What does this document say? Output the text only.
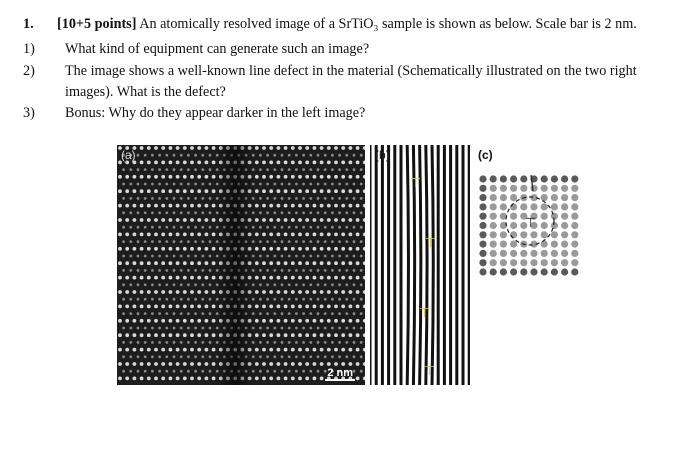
1. [10+5 points] An atomically resolved image of a SrTiO₃ sample is shown as below. Scale bar is 2 nm.
1) What kind of equipment can generate such an image?
2) The image shows a well-known line defect in the material (Schematically illustrated on the two right images). What is the defect?
3) Bonus: Why do they appear darker in the left image?
(a)
2 nm
⊤
⊤
⊤
⊤
(b)
⊤
(c)
